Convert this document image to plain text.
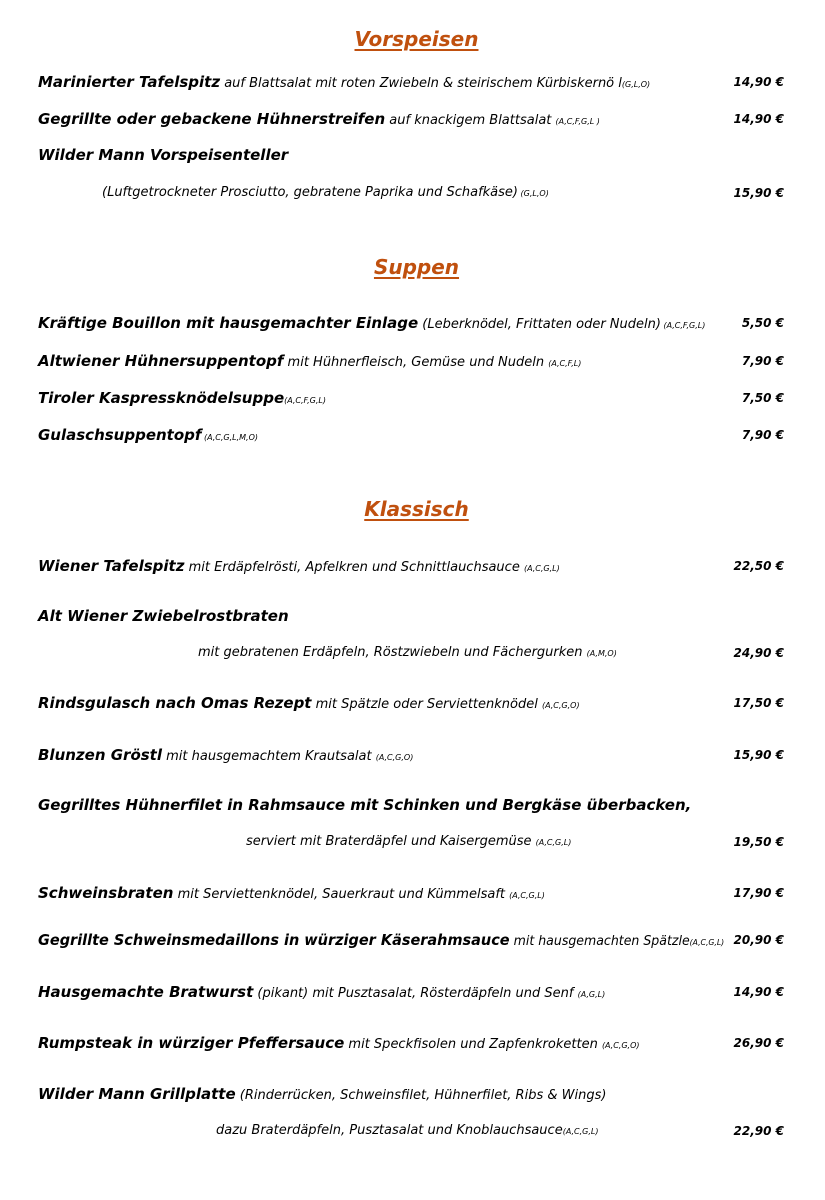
Vorspeisen
Marinierter Tafelspitz auf Blattsalat mit roten Zwiebeln & steirischem Kürbiskernö l(G,L,O)	14,90 €
Gegrillte oder gebackene Hühnerstreifen auf knackigem Blattsalat (A,C,F,G,L )	14,90 €
Wilder Mann Vorspeisenteller
(Luftgetrockneter Prosciutto, gebratene Paprika und Schafkäse) (G,L,O)	15,90 €
Suppen
Kräftige Bouillon mit hausgemachter Einlage (Leberknödel, Frittaten oder Nudeln) (A,C,F,G,L)	5,50 €
Altwiener Hühnersuppentopf mit Hühnerfleisch, Gemüse und Nudeln (A,C,F,L)	7,90 €
Tiroler Kaspressknödelsuppe(A,C,F,G,L)	7,50 €
Gulaschsuppentopf (A,C,G,L,M,O)	7,90 €
Klassisch
Wiener Tafelspitz mit Erdäpfelrösti, Apfelkren und Schnittlauchsauce (A,C,G,L)	22,50 €
Alt Wiener Zwiebelrostbraten
mit gebratenen Erdäpfeln, Röstzwiebeln und Fächergurken (A,M,O)	24,90 €
Rindsgulasch nach Omas Rezept mit Spätzle oder Serviettenknödel (A,C,G,O)	17,50 €
Blunzen Gröstl mit hausgemachtem Krautsalat (A,C,G,O)	15,90 €
Gegrilltes Hühnerfilet in Rahmsauce mit Schinken und Bergkäse überbacken,
serviert mit Braterdäpfel und Kaisergemüse (A,C,G,L)	19,50 €
Schweinsbraten mit Serviettenknödel, Sauerkraut und Kümmelsaft (A,C,G,L)	17,90 €
Gegrillte Schweinsmedaillons in würziger Käserahmsauce mit hausgemachten Spätzle(A,C,G,L) 20,90 €
Hausgemachte Bratwurst (pikant) mit Pusztasalat, Rösterdäpfeln und Senf (A,G,L)	14,90 €
Rumpsteak in würziger Pfeffersauce mit Speckfisolen und Zapfenkroketten (A,C,G,O)	26,90 €
Wilder Mann Grillplatte (Rinderrücken, Schweinsfilet, Hühnerfilet, Ribs & Wings)
dazu Braterdäpfeln, Pusztasalat und Knoblauchsauce(A,C,G,L)	22,90 €
